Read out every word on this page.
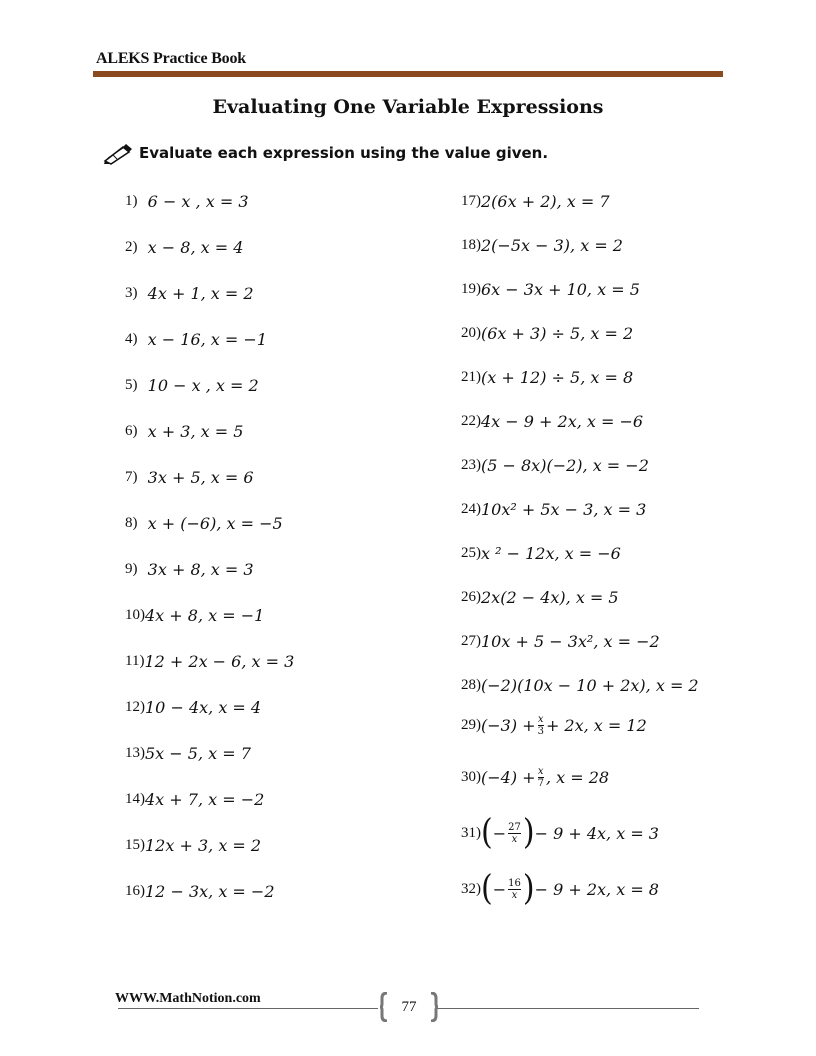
ALEKS Practice Book
Evaluating One Variable Expressions
Evaluate each expression using the value given.
1)
6 − x , x = 3
2)
x − 8, x = 4
3)
4x + 1, x = 2
4)
x − 16, x = −1
5)
10 − x , x = 2
6)
x + 3, x = 5
7)
3x + 5, x = 6
8)
x + (−6), x = −5
9)
3x + 8, x = 3
10) 4x + 8, x = −1
11) 12 + 2x − 6, x = 3
12) 10 − 4x, x = 4
13) 5x − 5, x = 7
14) 4x + 7, x = −2
15) 12x + 3, x = 2
16) 12 − 3x, x = −2
17) 2(6x + 2), x = 7
18) 2(−5x − 3), x = 2
19) 6x − 3x + 10, x = 5
20) (6x + 3) ÷ 5, x = 2
21) (x + 12) ÷ 5, x = 8
22) 4x − 9 + 2x, x = −6
23) (5 − 8x)(−2), x = −2
24) 10x² + 5x − 3, x = 3
25) x ² − 12x, x = −6
26) 2x(2 − 4x), x = 5
27) 10x + 5 − 3x², x = −2
28) (−2)(10x − 10 + 2x), x = 2
29) $(-3) + \frac{x}{3} + 2x$, x = 12
30) $(-4) + \frac{x}{7}$ , x = 28
31) ( − $\frac{27}{x}$ ) − 9 + 4x, x = 3
32) ( − $\frac{16}{x}$ ) − 9 + 2x, x = 8
WWW.MathNotion.com	77
